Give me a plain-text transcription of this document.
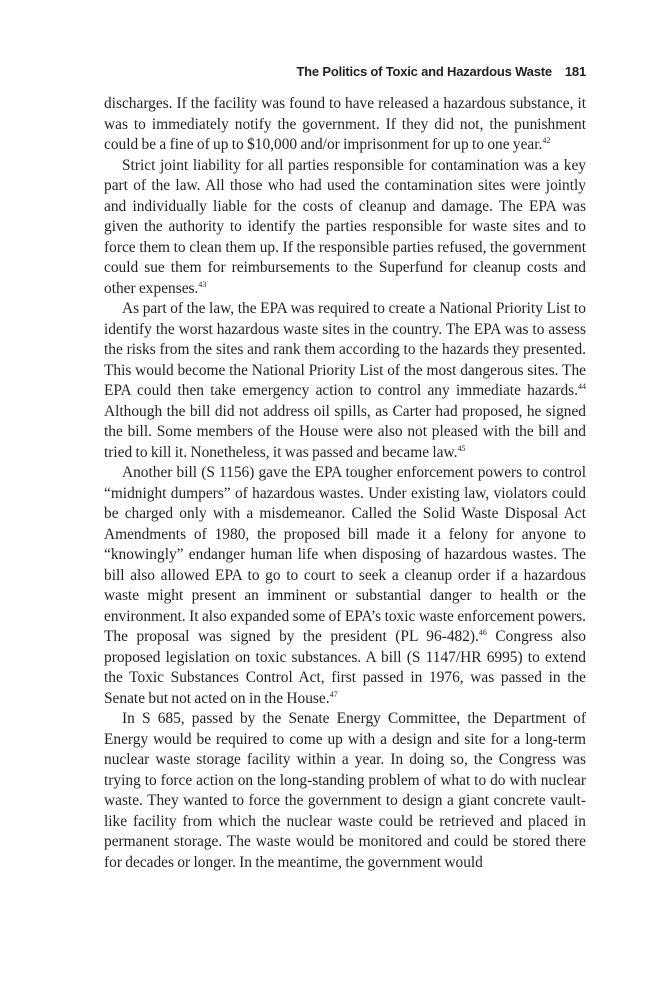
The Politics of Toxic and Hazardous Waste 181

discharges. If the facility was found to have released a hazardous substance, it was to immediately notify the government. If they did not, the punishment could be a fine of up to $10,000 and/or imprisonment for up to one year.$^{42}$

Strict joint liability for all parties responsible for contamination was a key part of the law. All those who had used the contamination sites were jointly and individually liable for the costs of cleanup and damage. The EPA was given the authority to identify the parties responsible for waste sites and to force them to clean them up. If the responsible parties refused, the government could sue them for reimbursements to the Superfund for cleanup costs and other expenses.$^{43}$

As part of the law, the EPA was required to create a National Priority List to identify the worst hazardous waste sites in the country. The EPA was to assess the risks from the sites and rank them according to the hazards they presented. This would become the National Priority List of the most dangerous sites. The EPA could then take emergency action to control any immediate hazards.$^{44}$ Although the bill did not address oil spills, as Carter had proposed, he signed the bill. Some members of the House were also not pleased with the bill and tried to kill it. Nonetheless, it was passed and became law.$^{45}$

Another bill (S 1156) gave the EPA tougher enforcement powers to control “midnight dumpers” of hazardous wastes. Under existing law, violators could be charged only with a misdemeanor. Called the Solid Waste Disposal Act Amendments of 1980, the proposed bill made it a felony for anyone to “knowingly” endanger human life when disposing of hazardous wastes. The bill also allowed EPA to go to court to seek a cleanup order if a hazardous waste might present an imminent or substantial danger to health or the environment. It also expanded some of EPA’s toxic waste enforcement powers. The proposal was signed by the president (PL 96-482).$^{46}$ Congress also proposed legislation on toxic substances. A bill (S 1147/HR 6995) to extend the Toxic Substances Control Act, first passed in 1976, was passed in the Senate but not acted on in the House.$^{47}$

In S 685, passed by the Senate Energy Committee, the Department of Energy would be required to come up with a design and site for a long-term nuclear waste storage facility within a year. In doing so, the Congress was trying to force action on the long-standing problem of what to do with nuclear waste. They wanted to force the government to design a giant concrete vault-like facility from which the nuclear waste could be retrieved and placed in permanent storage. The waste would be monitored and could be stored there for decades or longer. In the meantime, the government would
